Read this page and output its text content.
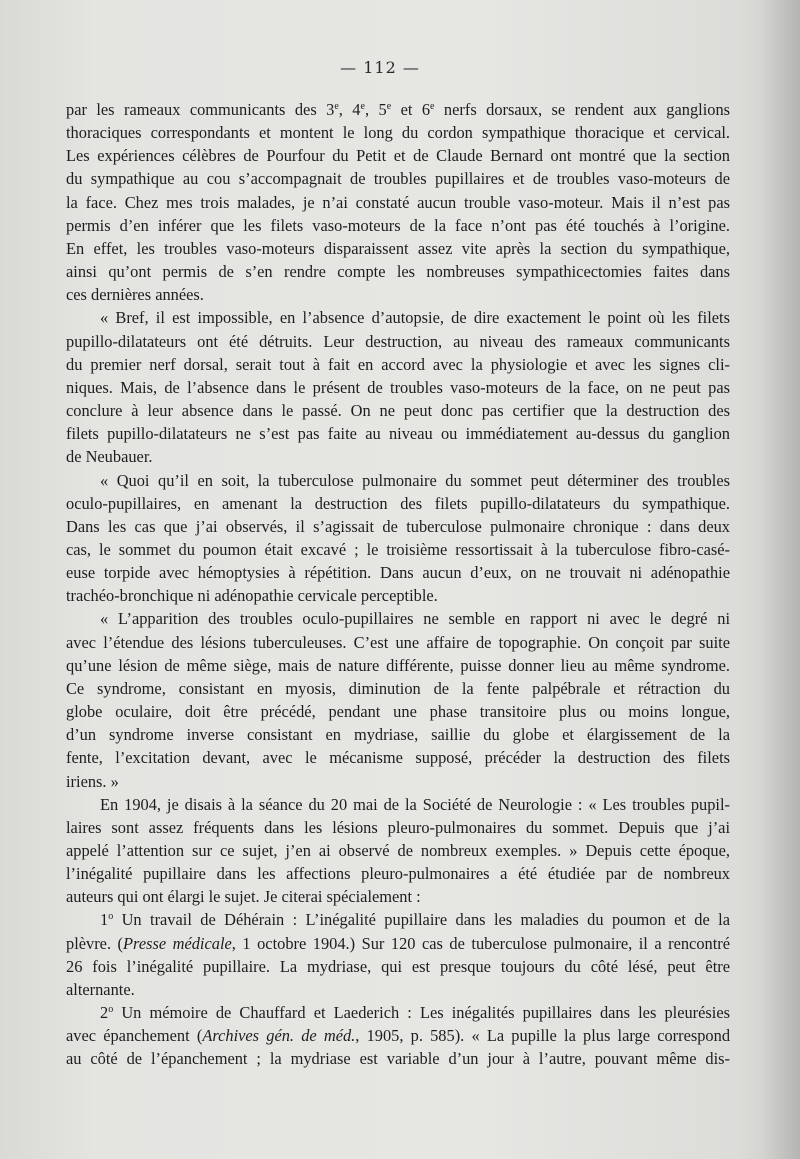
— 112 —
par les rameaux communicants des 3e, 4e, 5e et 6e nerfs dorsaux, se rendent aux ganglions
thoraciques correspondants et montent le long du cordon sympathique thoracique et cervical.
Les expériences célèbres de Pourfour du Petit et de Claude Bernard ont montré que la section
du sympathique au cou s’accompagnait de troubles pupillaires et de troubles vaso-moteurs de
la face. Chez mes trois malades, je n’ai constaté aucun trouble vaso-moteur. Mais il n’est pas
permis d’en inférer que les filets vaso-moteurs de la face n’ont pas été touchés à l’origine.
En effet, les troubles vaso-moteurs disparaissent assez vite après la section du sympathique,
ainsi qu’ont permis de s’en rendre compte les nombreuses sympathicectomies faites dans
ces dernières années.
« Bref, il est impossible, en l’absence d’autopsie, de dire exactement le point où les filets
pupillo-dilatateurs ont été détruits. Leur destruction, au niveau des rameaux communicants
du premier nerf dorsal, serait tout à fait en accord avec la physiologie et avec les signes cli-
niques. Mais, de l’absence dans le présent de troubles vaso-moteurs de la face, on ne peut pas
conclure à leur absence dans le passé. On ne peut donc pas certifier que la destruction des
filets pupillo-dilatateurs ne s’est pas faite au niveau ou immédiatement au-dessus du ganglion
de Neubauer.
« Quoi qu’il en soit, la tuberculose pulmonaire du sommet peut déterminer des troubles
oculo-pupillaires, en amenant la destruction des filets pupillo-dilatateurs du sympathique.
Dans les cas que j’ai observés, il s’agissait de tuberculose pulmonaire chronique : dans deux
cas, le sommet du poumon était excavé ; le troisième ressortissait à la tuberculose fibro-casé-
euse torpide avec hémoptysies à répétition. Dans aucun d’eux, on ne trouvait ni adénopathie
trachéo-bronchique ni adénopathie cervicale perceptible.
« L’apparition des troubles oculo-pupillaires ne semble en rapport ni avec le degré ni
avec l’étendue des lésions tuberculeuses. C’est une affaire de topographie. On conçoit par suite
qu’une lésion de même siège, mais de nature différente, puisse donner lieu au même syndrome.
Ce syndrome, consistant en myosis, diminution de la fente palpébrale et rétraction du
globe oculaire, doit être précédé, pendant une phase transitoire plus ou moins longue,
d’un syndrome inverse consistant en mydriase, saillie du globe et élargissement de la
fente, l’excitation devant, avec le mécanisme supposé, précéder la destruction des filets
iriens. »
En 1904, je disais à la séance du 20 mai de la Société de Neurologie : « Les troubles pupil-
laires sont assez fréquents dans les lésions pleuro-pulmonaires du sommet. Depuis que j’ai
appelé l’attention sur ce sujet, j’en ai observé de nombreux exemples. » Depuis cette époque,
l’inégalité pupillaire dans les affections pleuro-pulmonaires a été étudiée par de nombreux
auteurs qui ont élargi le sujet. Je citerai spécialement :
1$^o$ Un travail de Déhérain : L’inégalité pupillaire dans les maladies du poumon et de la
plèvre. (Presse médicale, 1 octobre 1904.) Sur 120 cas de tuberculose pulmonaire, il a rencontré
26 fois l’inégalité pupillaire. La mydriase, qui est presque toujours du côté lésé, peut être
alternante.
2$^o$ Un mémoire de Chauffard et Laederich : Les inégalités pupillaires dans les pleurésies
avec épanchement (Archives gén. de méd., 1905, p. 585). « La pupille la plus large correspond
au côté de l’épanchement ; la mydriase est variable d’un jour à l’autre, pouvant même dis-
